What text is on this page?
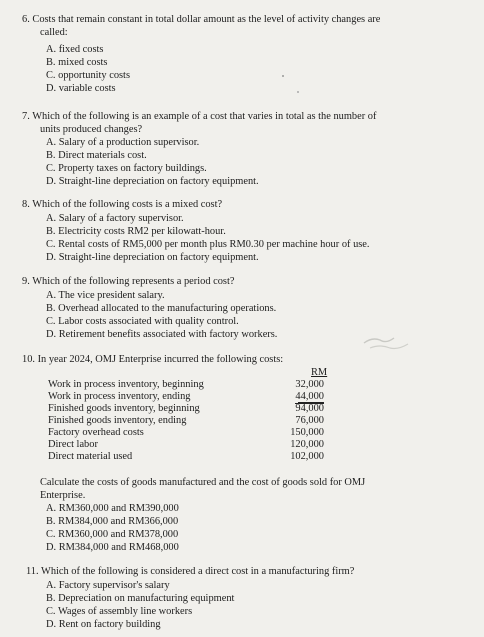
6. Costs that remain constant in total dollar amount as the level of activity changes are
called:
A. fixed costs
B. mixed costs
C. opportunity costs
D. variable costs
7. Which of the following is an example of a cost that varies in total as the number of
units produced changes?
A. Salary of a production supervisor.
B. Direct materials cost.
C. Property taxes on factory buildings.
D. Straight-line depreciation on factory equipment.
8. Which of the following costs is a mixed cost?
A. Salary of a factory supervisor.
B. Electricity costs RM2 per kilowatt-hour.
C. Rental costs of RM5,000 per month plus RM0.30 per machine hour of use.
D. Straight-line depreciation on factory equipment.
9. Which of the following represents a period cost?
A. The vice president salary.
B. Overhead allocated to the manufacturing operations.
C. Labor costs associated with quality control.
D. Retirement benefits associated with factory workers.
10. In year 2024, OMJ Enterprise incurred the following costs:
RM
Work in process inventory, beginning	32,000
Work in process inventory, ending	44,000
Finished goods inventory, beginning	94,000
Finished goods inventory, ending	76,000
Factory overhead costs	150,000
Direct labor	120,000
Direct material used	102,000
Calculate the costs of goods manufactured and the cost of goods sold for OMJ
Enterprise.
A. RM360,000 and RM390,000
B. RM384,000 and RM366,000
C. RM360,000 and RM378,000
D. RM384,000 and RM468,000
11. Which of the following is considered a direct cost in a manufacturing firm?
A. Factory supervisor's salary
B. Depreciation on manufacturing equipment
C. Wages of assembly line workers
D. Rent on factory building
